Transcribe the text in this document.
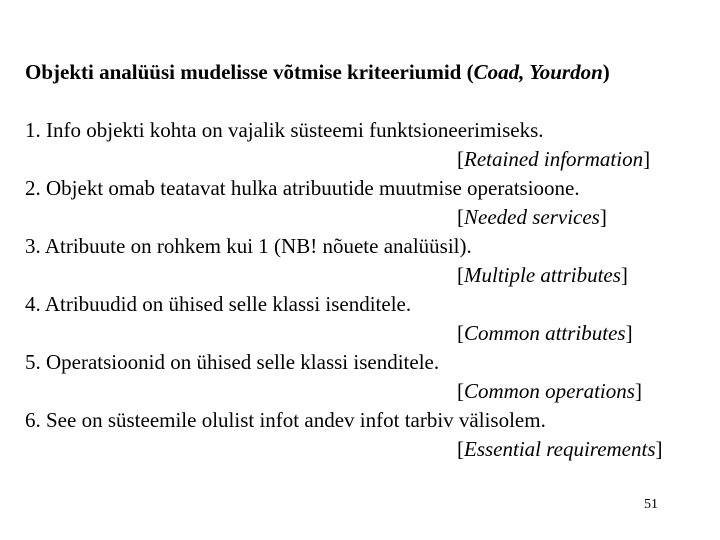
Objekti analüüsi mudelisse võtmise kriteeriumid (Coad, Yourdon)
1. Info objekti kohta on vajalik süsteemi funktsioneerimiseks.
[Retained information]
2. Objekt omab teatavat hulka atribuutide muutmise operatsioone.
[Needed services]
3. Atribuute on rohkem kui 1 (NB! nõuete analüüsil).
[Multiple attributes]
4. Atribuudid on ühised selle klassi isenditele.
[Common attributes]
5. Operatsioonid on ühised selle klassi isenditele.
[Common operations]
6. See on süsteemile olulist infot andev infot tarbiv välisolem.
[Essential requirements]
51
